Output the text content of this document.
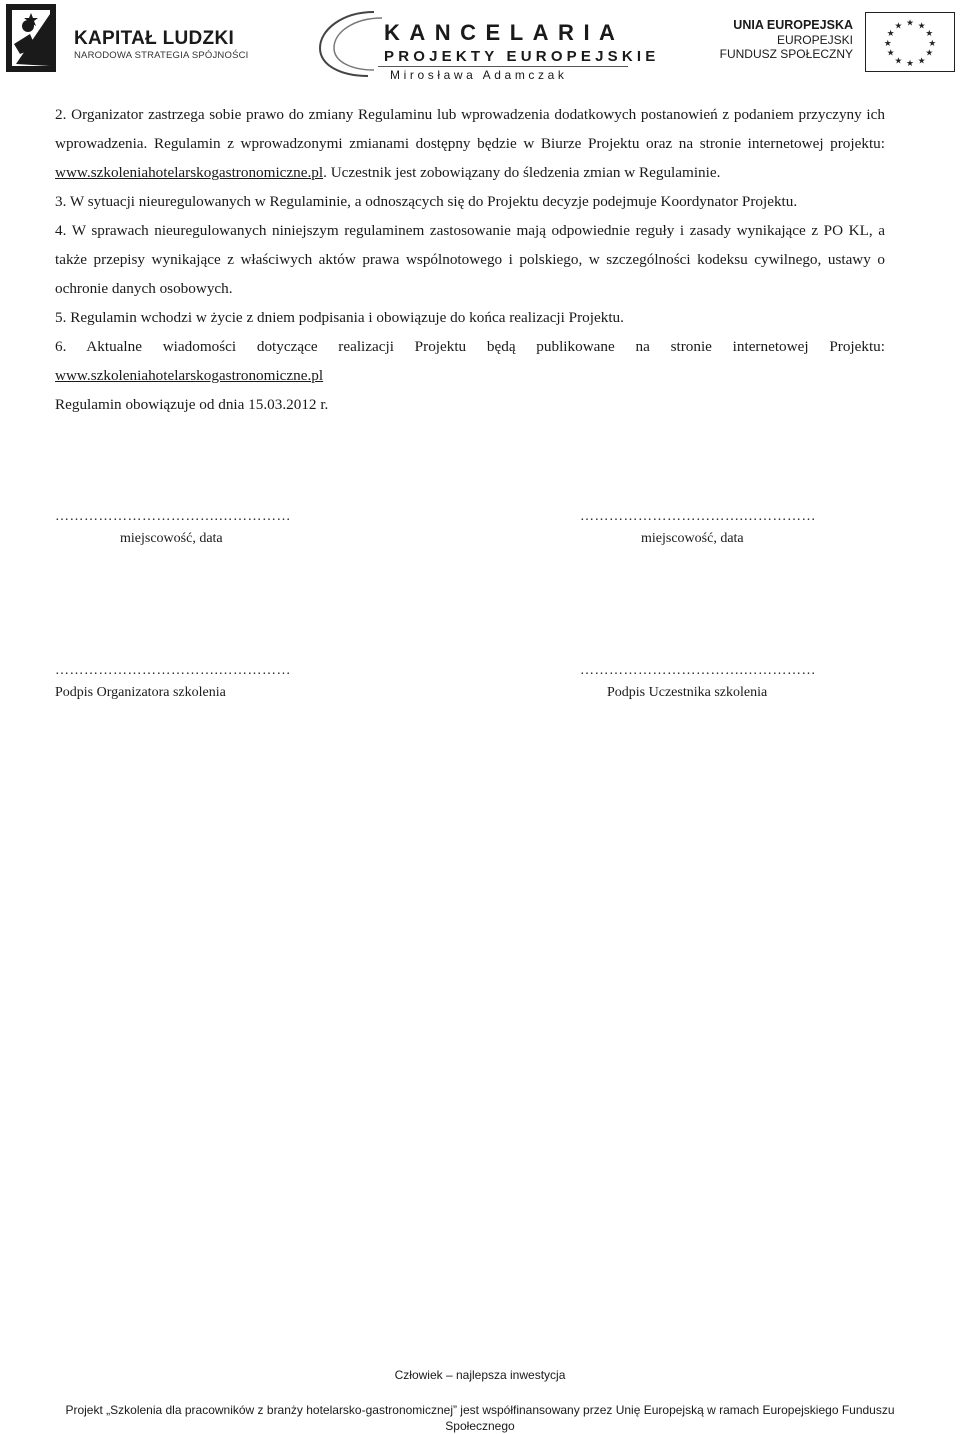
KAPITAŁ LUDZKI
NARODOWA STRATEGIA SPÓJNOŚCI
KANCELARIA
PROJEKTY EUROPEJSKIE
Mirosława Adamczak
UNIA EUROPEJSKA
EUROPEJSKI
FUNDUSZ SPOŁECZNY
★ ★
★
★
★
★
★
★
★
★
★
★

2. Organizator zastrzega sobie prawo do zmiany Regulaminu lub wprowadzenia dodatkowych postanowień z podaniem przyczyny ich wprowadzenia. Regulamin z wprowadzonymi zmianami dostępny będzie w Biurze Projektu oraz na stronie internetowej projektu: www.szkoleniahotelarskogastronomiczne.pl. Uczestnik jest zobowiązany do śledzenia zmian w Regulaminie.

3. W sytuacji nieuregulowanych w Regulaminie, a odnoszących się do Projektu decyzje podejmuje Koordynator Projektu.

4. W sprawach nieuregulowanych niniejszym regulaminem zastosowanie mają odpowiednie reguły i zasady wynikające z PO KL, a także przepisy wynikające z właściwych aktów prawa wspólnotowego i polskiego, w szczególności kodeksu cywilnego, ustawy o ochronie danych osobowych.

5. Regulamin wchodzi w życie z dniem podpisania i obowiązuje do końca realizacji Projektu.

6. Aktualne wiadomości dotyczące realizacji Projektu będą publikowane na stronie internetowej Projektu:

www.szkoleniahotelarskogastronomiczne.pl

Regulamin obowiązuje od dnia 15.03.2012 r.

…………………………….……………
miejscowość, data
…………………………….……………
miejscowość, data
…………………………….……………
Podpis Organizatora szkolenia
…………………………….……………
Podpis Uczestnika szkolenia
Człowiek – najlepsza inwestycja
Projekt „Szkolenia dla pracowników z branży hotelarsko-gastronomicznej” jest współfinansowany przez Unię Europejską w ramach Europejskiego Funduszu Społecznego
